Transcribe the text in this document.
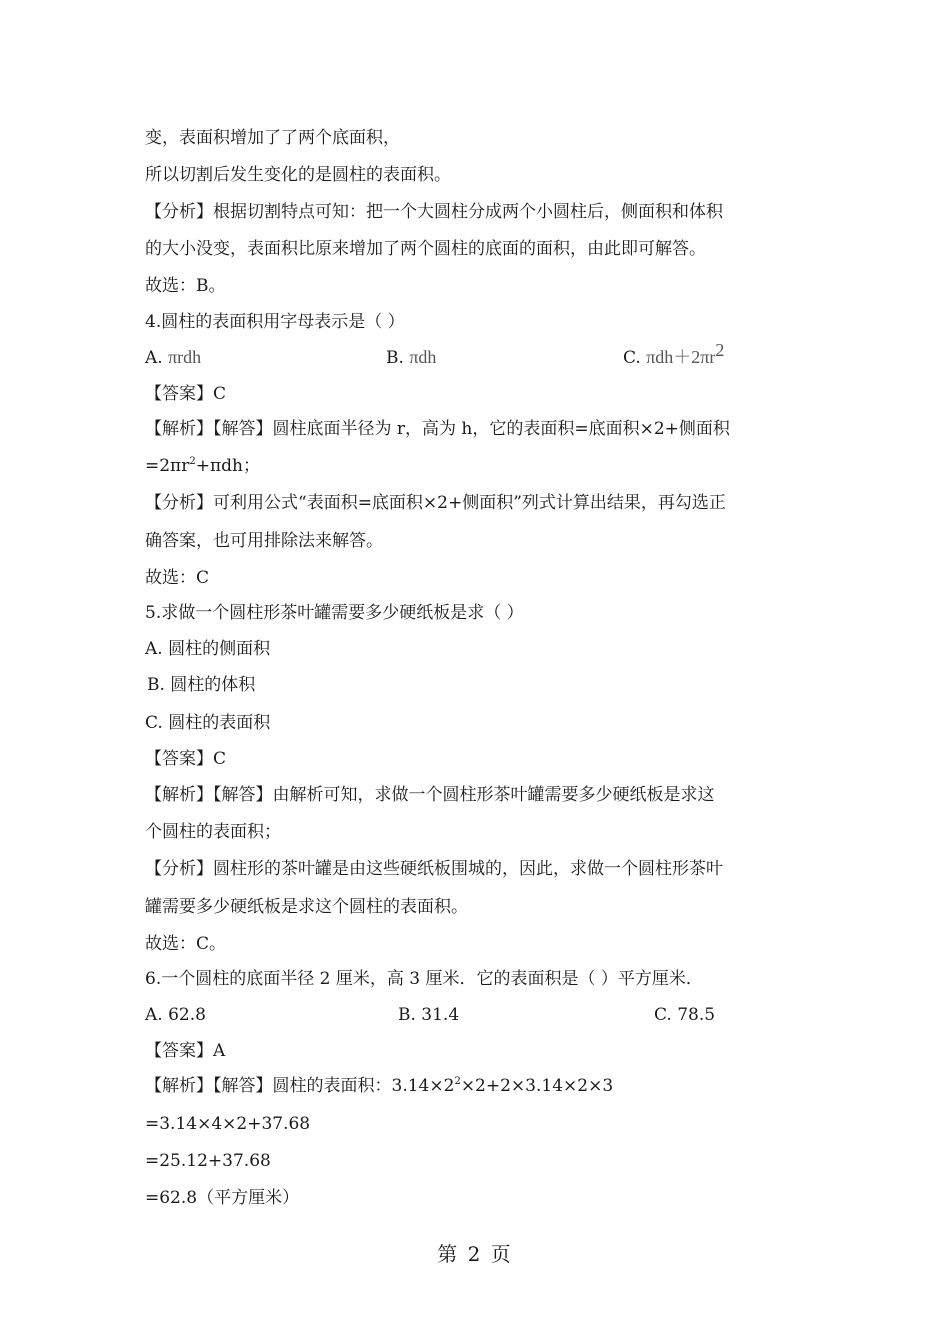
变，表面积增加了了两个底面积，
所以切割后发生变化的是圆柱的表面积。
【分析】根据切割特点可知：把一个大圆柱分成两个小圆柱后，侧面积和体积
的大小没变，表面积比原来增加了两个圆柱的底面的面积，由此即可解答。
故选：B。
4.圆柱的表面积用字母表示是（ ）
A. πrdh	B. πdh	C. $\pi dh+2\pi r^2$
【答案】C
【解析】【解答】圆柱底面半径为 r，高为 h，它的表面积=底面积×2+侧面积
$=2\pi r^2+\pi dh$；
【分析】可利用公式“表面积=底面积×2+侧面积”列式计算出结果，再勾选正
确答案，也可用排除法来解答。
故选：C
5.求做一个圆柱形茶叶罐需要多少硬纸板是求（ ）
A. 圆柱的侧面积
B. 圆柱的体积
C. 圆柱的表面积
【答案】C
【解析】【解答】由解析可知，求做一个圆柱形茶叶罐需要多少硬纸板是求这
个圆柱的表面积；
【分析】圆柱形的茶叶罐是由这些硬纸板围城的，因此，求做一个圆柱形茶叶
罐需要多少硬纸板是求这个圆柱的表面积。
故选：C。
6.一个圆柱的底面半径 2 厘米，高 3 厘米．它的表面积是（ ）平方厘米．
A. 62.8	B. 31.4	C. 78.5
【答案】A
【解析】【解答】圆柱的表面积：$3.14\times 2^2\times 2+2\times 3.14\times 2\times 3$
=3.14×4×2+37.68
=25.12+37.68
=62.8（平方厘米）
第 2 页
